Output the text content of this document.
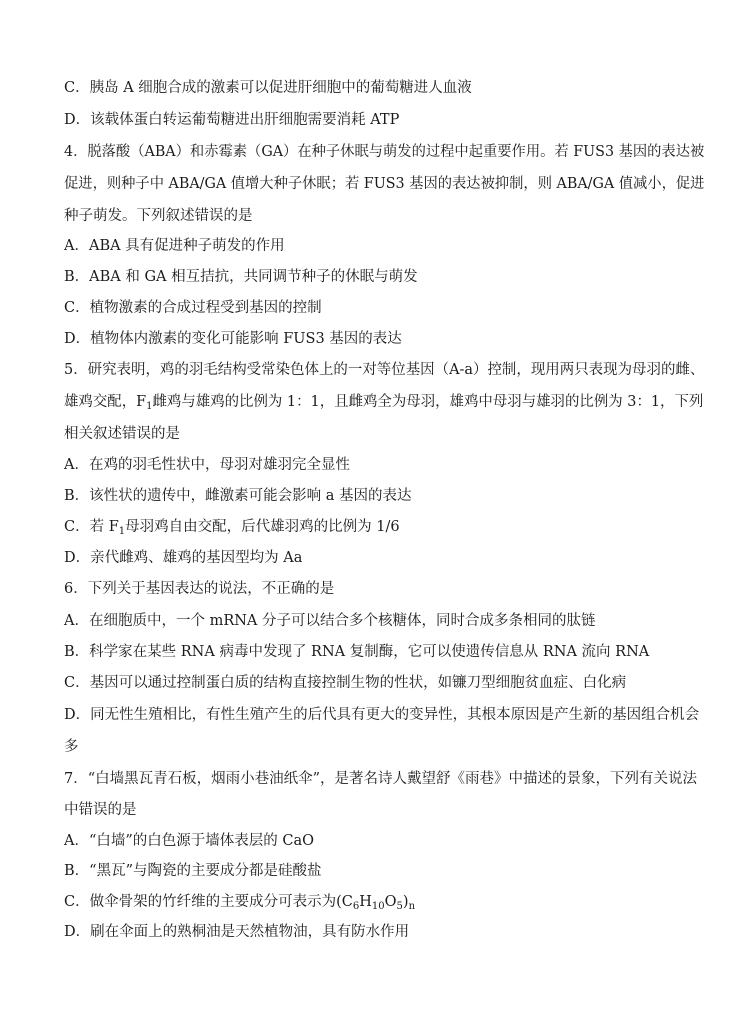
C．胰岛 A 细胞合成的激素可以促进肝细胞中的葡萄糖进人血液
D．该载体蛋白转运葡萄糖进出肝细胞需要消耗 ATP
4．脱落酸（ABA）和赤霉素（GA）在种子休眠与萌发的过程中起重要作用。若 FUS3 基因的表达被
促进，则种子中 ABA/GA 值增大种子休眠；若 FUS3 基因的表达被抑制，则 ABA/GA 值减小，促进
种子萌发。下列叙述错误的是
A．ABA 具有促进种子萌发的作用
B．ABA 和 GA 相互拮抗，共同调节种子的休眠与萌发
C．植物激素的合成过程受到基因的控制
D．植物体内激素的变化可能影响 FUS3 基因的表达
5．研究表明，鸡的羽毛结构受常染色体上的一对等位基因（A-a）控制，现用两只表现为母羽的雌、
雄鸡交配，$F_1$雌鸡与雄鸡的比例为 1：1，且雌鸡全为母羽，雄鸡中母羽与雄羽的比例为 3：1，下列
相关叙述错误的是
A．在鸡的羽毛性状中，母羽对雄羽完全显性
B．该性状的遗传中，雌激素可能会影响 a 基因的表达
C．若 $F_1$母羽鸡自由交配，后代雄羽鸡的比例为 1/6
D．亲代雌鸡、雄鸡的基因型均为 Aa
6．下列关于基因表达的说法，不正确的是
A．在细胞质中，一个 mRNA 分子可以结合多个核糖体，同时合成多条相同的肽链
B．科学家在某些 RNA 病毒中发现了 RNA 复制酶，它可以使遗传信息从 RNA 流向 RNA
C．基因可以通过控制蛋白质的结构直接控制生物的性状，如镰刀型细胞贫血症、白化病
D．同无性生殖相比，有性生殖产生的后代具有更大的变异性，其根本原因是产生新的基因组合机会
多
7．“白墙黑瓦青石板，烟雨小巷油纸伞”，是著名诗人戴望舒《雨巷》中描述的景象，下列有关说法
中错误的是
A．“白墙”的白色源于墙体表层的 CaO
B．“黑瓦”与陶瓷的主要成分都是硅酸盐
C．做伞骨架的竹纤维的主要成分可表示为$(C_6H_{10}O_5)_n$
D．刷在伞面上的熟桐油是天然植物油，具有防水作用
